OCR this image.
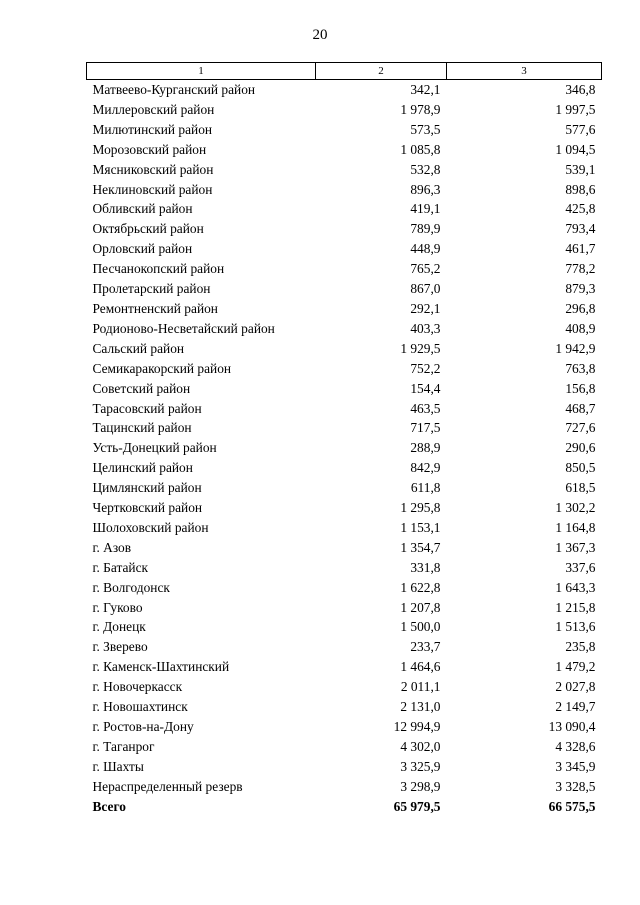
20
1	2	3
Матвеево-Курганский район	342,1	346,8
Миллеровский район	1 978,9	1 997,5
Милютинский район	573,5	577,6
Морозовский район	1 085,8	1 094,5
Мясниковский район	532,8	539,1
Неклиновский район	896,3	898,6
Обливский район	419,1	425,8
Октябрьский район	789,9	793,4
Орловский район	448,9	461,7
Песчанокопский район	765,2	778,2
Пролетарский район	867,0	879,3
Ремонтненский район	292,1	296,8
Родионово-Несветайский район	403,3	408,9
Сальский район	1 929,5	1 942,9
Семикаракорский район	752,2	763,8
Советский район	154,4	156,8
Тарасовский район	463,5	468,7
Тацинский район	717,5	727,6
Усть-Донецкий район	288,9	290,6
Целинский район	842,9	850,5
Цимлянский район	611,8	618,5
Чертковский район	1 295,8	1 302,2
Шолоховский район	1 153,1	1 164,8
г. Азов	1 354,7	1 367,3
г. Батайск	331,8	337,6
г. Волгодонск	1 622,8	1 643,3
г. Гуково	1 207,8	1 215,8
г. Донецк	1 500,0	1 513,6
г. Зверево	233,7	235,8
г. Каменск-Шахтинский	1 464,6	1 479,2
г. Новочеркасск	2 011,1	2 027,8
г. Новошахтинск	2 131,0	2 149,7
г. Ростов-на-Дону	12 994,9	13 090,4
г. Таганрог	4 302,0	4 328,6
г. Шахты	3 325,9	3 345,9
Нераспределенный резерв	3 298,9	3 328,5
Всего	65 979,5	66 575,5
